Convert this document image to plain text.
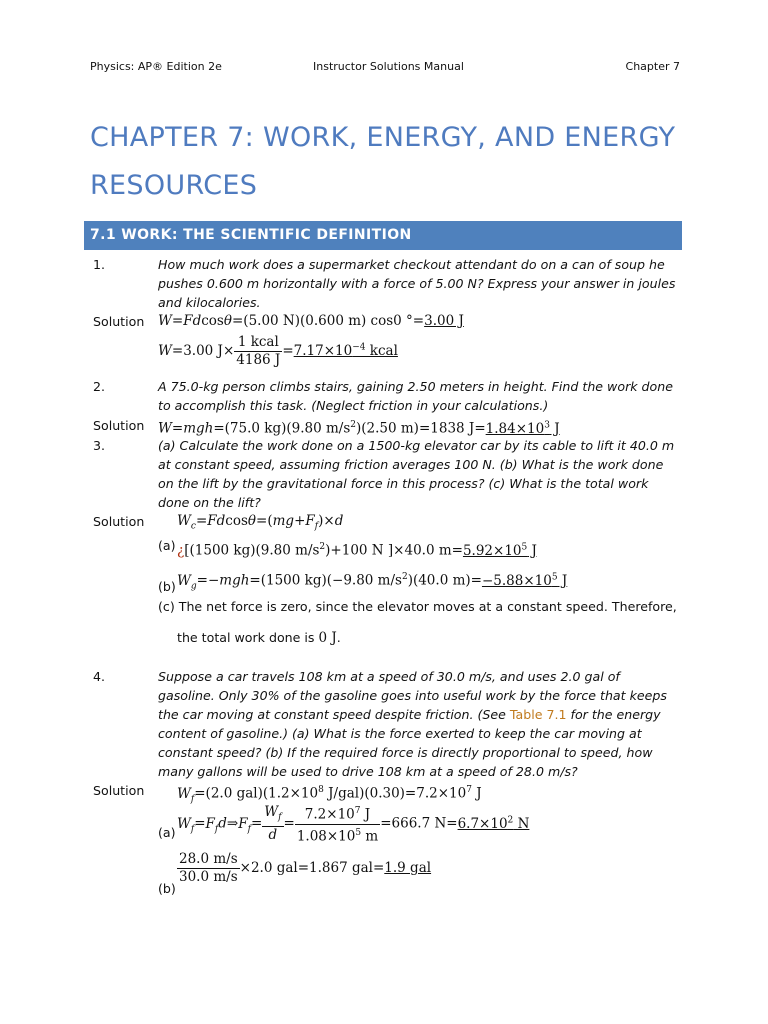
Physics: AP® Edition 2e	Instructor Solutions Manual	Chapter 7
CHAPTER 7: WORK, ENERGY, AND ENERGY RESOURCES
7.1 WORK: THE SCIENTIFIC DEFINITION
1.	How much work does a supermarket checkout attendant do on a can of soup he pushes 0.600 m horizontally with a force of 5.00 N? Express your answer in joules and kilocalories.
Solution W=Fdcosθ=(5.00 N)(0.600 m) cos0 °=3.00 J
W=3.00 $J\times \frac{\text{1 kcal}}{4186 J} =7.17\times 10^{-4}$ kcal
2.	A 75.0-kg person climbs stairs, gaining 2.50 meters in height. Find the work done to accomplish this task. (Neglect friction in your calculations.)
Solution W=mgh=(75.0 kg)(9.80 $m/s^2)(2.50$ m)=1838 $J=1.84\times 10^3$ J
3.	(a) Calculate the work done on a 1500-kg elevator car by its cable to lift it 40.0 m at constant speed, assuming friction averages 100 N. (b) What is the work done on the lift by the gravitational force in this process? (c) What is the total work done on the lift?
Solution $W_c=Fdcos\theta=(mg+F_f)\times d$
(a) ¿[(1500 kg)(9.80 $m/s^2)+100$ N ]×40.0 $m=5.92\times 10^5$ J
(b) $W_g=-mgh=(1500$ kg)(−9.80 $m/s^2)(40.0$ $m)=-5.88\times 10^5$ J
(c) The net force is zero, since the elevator moves at a constant speed. Therefore,
the total work done is 0 J.
4.	Suppose a car travels 108 km at a speed of 30.0 m/s, and uses 2.0 gal of gasoline. Only 30% of the gasoline goes into useful work by the force that keeps the car moving at constant speed despite friction. (See Table 7.1 for the energy content of gasoline.) (a) What is the force exerted to keep the car moving at constant speed? (b) If the required force is directly proportional to speed, how many gallons will be used to drive 108 km at a speed of 28.0 m/s?
Solution $W_f=(2.0$ $gal)(1.2\times 10^8$ $J/gal)(0.30)=7.2\times 10^7$ J
(a)
$W_f=F_fd\Rightarrow F_f= \frac{W_f}{d} = \frac{7.2\times 10^7 J}{1.08\times 10^5 m} =666.7$ $N=6.7\times 10^2$ N
(b)
$\frac{28.0 m/s}{30.0 m/s} \times 2.0$ gal=1.867 gal=1.9 gal
